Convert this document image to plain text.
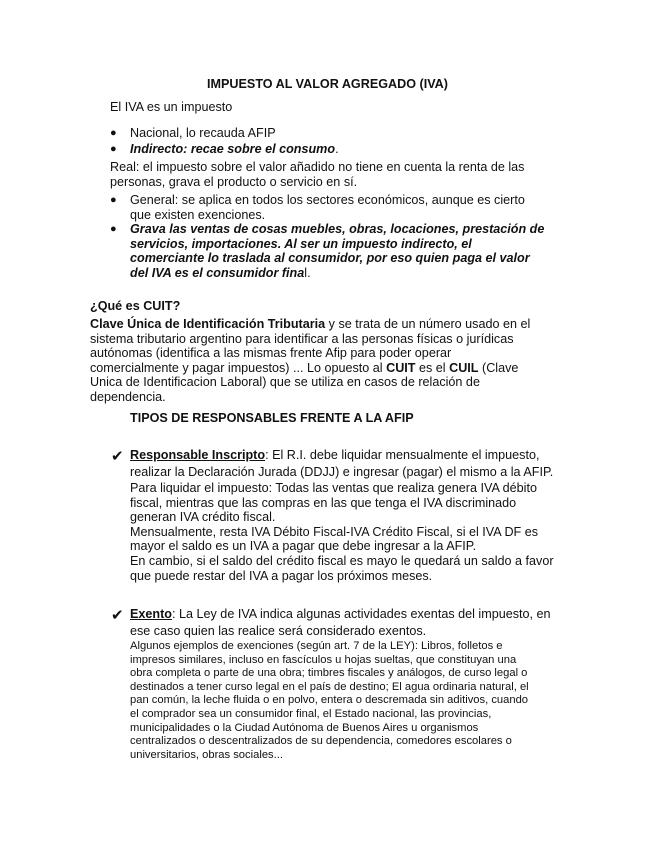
IMPUESTO AL VALOR AGREGADO (IVA)
El IVA es un impuesto
● Nacional, lo recauda AFIP
● Indirecto: recae sobre el consumo.
Real: el impuesto sobre el valor añadido no tiene en cuenta la renta de las personas, grava el producto o servicio en sí.
● General: se aplica en todos los sectores económicos, aunque es cierto que existen exenciones.
● Grava las ventas de cosas muebles, obras, locaciones, prestación de servicios, importaciones. Al ser un impuesto indirecto, el comerciante lo traslada al consumidor, por eso quien paga el valor del IVA es el consumidor final.
¿Qué es CUIT?
Clave Única de Identificación Tributaria y se trata de un número usado en el sistema tributario argentino para identificar a las personas físicas o jurídicas autónomas (identifica a las mismas frente Afip para poder operar comercialmente y pagar impuestos) ... Lo opuesto al CUIT es el CUIL (Clave Unica de Identificacion Laboral) que se utiliza en casos de relación de dependencia.
TIPOS DE RESPONSABLES FRENTE A LA AFIP
✔ Responsable Inscripto: El R.I. debe liquidar mensualmente el impuesto, realizar la Declaración Jurada (DDJJ) e ingresar (pagar) el mismo a la AFIP.
Para liquidar el impuesto: Todas las ventas que realiza genera IVA débito fiscal, mientras que las compras en las que tenga el IVA discriminado generan IVA crédito fiscal.
Mensualmente, resta IVA Débito Fiscal-IVA Crédito Fiscal, si el IVA DF es mayor el saldo es un IVA a pagar que debe ingresar a la AFIP.
En cambio, si el saldo del crédito fiscal es mayo le quedará un saldo a favor que puede restar del IVA a pagar los próximos meses.
✔ Exento: La Ley de IVA indica algunas actividades exentas del impuesto, en ese caso quien las realice será considerado exentos.
Algunos ejemplos de exenciones (según art. 7 de la LEY): Libros, folletos e impresos similares, incluso en fascículos u hojas sueltas, que constituyan una obra completa o parte de una obra; timbres fiscales y análogos, de curso legal o destinados a tener curso legal en el país de destino; El agua ordinaria natural, el pan común, la leche fluida o en polvo, entera o descremada sin aditivos, cuando el comprador sea un consumidor final, el Estado nacional, las provincias, municipalidades o la Ciudad Autónoma de Buenos Aires u organismos centralizados o descentralizados de su dependencia, comedores escolares o universitarios, obras sociales...
